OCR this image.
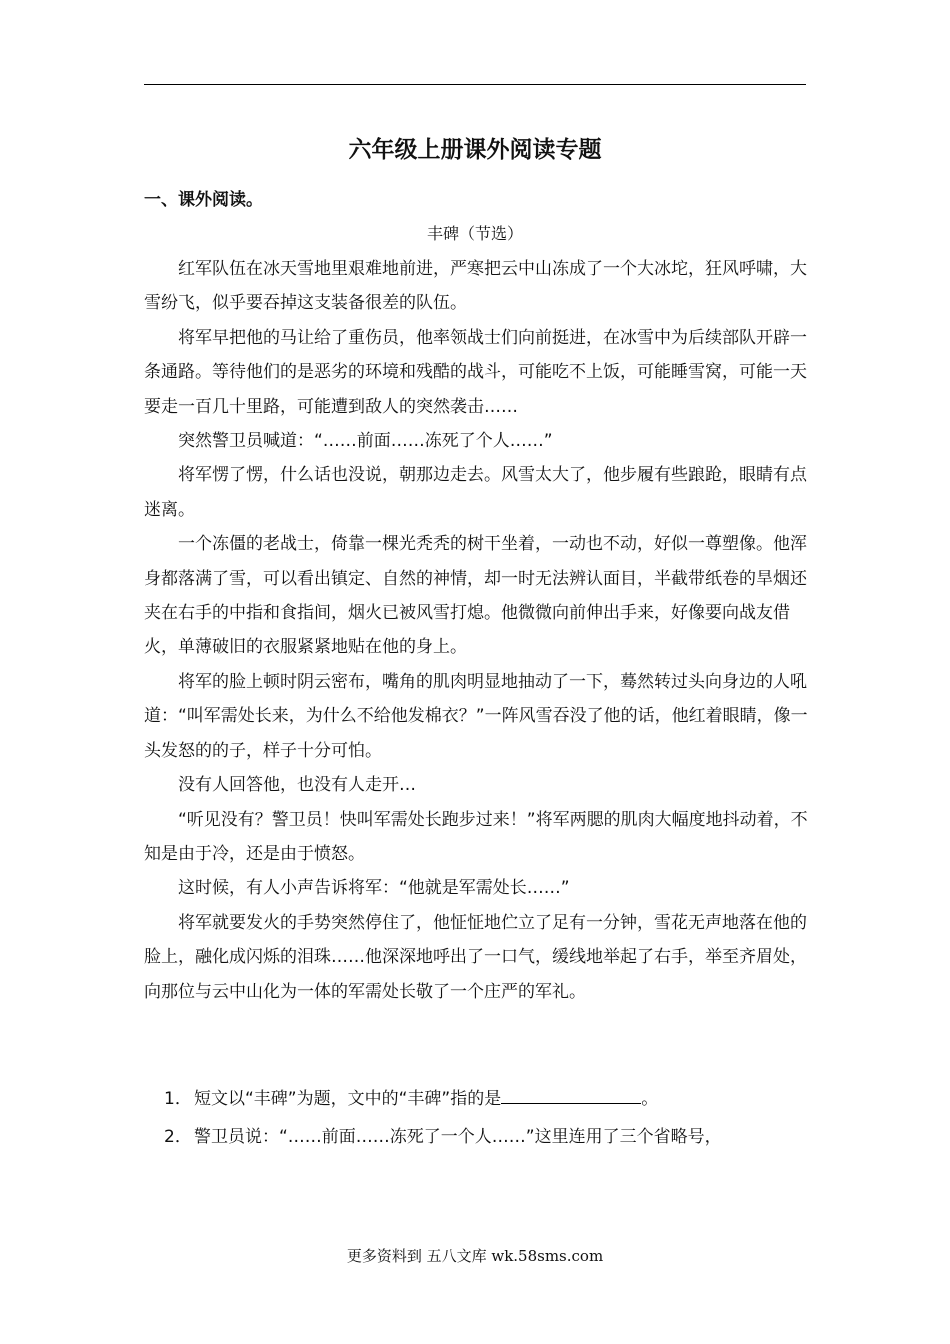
六年级上册课外阅读专题
一、课外阅读。
丰碑（节选）

红军队伍在冰天雪地里艰难地前进，严寒把云中山冻成了一个大冰坨，狂风呼啸，大雪纷飞，似乎要吞掉这支装备很差的队伍。

将军早把他的马让给了重伤员，他率领战士们向前挺进，在冰雪中为后续部队开辟一条通路。等待他们的是恶劣的环境和残酷的战斗，可能吃不上饭，可能睡雪窝，可能一天要走一百几十里路，可能遭到敌人的突然袭击……

突然警卫员喊道：“……前面……冻死了个人……”

将军愣了愣，什么话也没说，朝那边走去。风雪太大了，他步履有些踉跄，眼睛有点迷离。

一个冻僵的老战士，倚靠一棵光秃秃的树干坐着，一动也不动，好似一尊塑像。他浑身都落满了雪，可以看出镇定、自然的神情，却一时无法辨认面目，半截带纸卷的旱烟还夹在右手的中指和食指间，烟火已被风雪打熄。他微微向前伸出手来，好像要向战友借火，单薄破旧的衣服紧紧地贴在他的身上。

将军的脸上顿时阴云密布，嘴角的肌肉明显地抽动了一下，蓦然转过头向身边的人吼道：“叫军需处长来，为什么不给他发棉衣？”一阵风雪吞没了他的话，他红着眼睛，像一头发怒的的子，样子十分可怕。

没有人回答他，也没有人走开…

“听见没有？警卫员！快叫军需处长跑步过来！”将军两腮的肌肉大幅度地抖动着，不知是由于冷，还是由于愤怒。

这时候，有人小声告诉将军：“他就是军需处长……”

将军就要发火的手势突然停住了，他怔怔地伫立了足有一分钟，雪花无声地落在他的脸上，融化成闪烁的泪珠……他深深地呼出了一口气，缓线地举起了右手，举至齐眉处，向那位与云中山化为一体的军需处长敬了一个庄严的军礼。

1． 短文以“丰碑”为题，文中的“丰碑”指的是	。
2． 警卫员说：“……前面……冻死了一个人……”这里连用了三个省略号，
更多资料到 五八文库 wk.58sms.com
